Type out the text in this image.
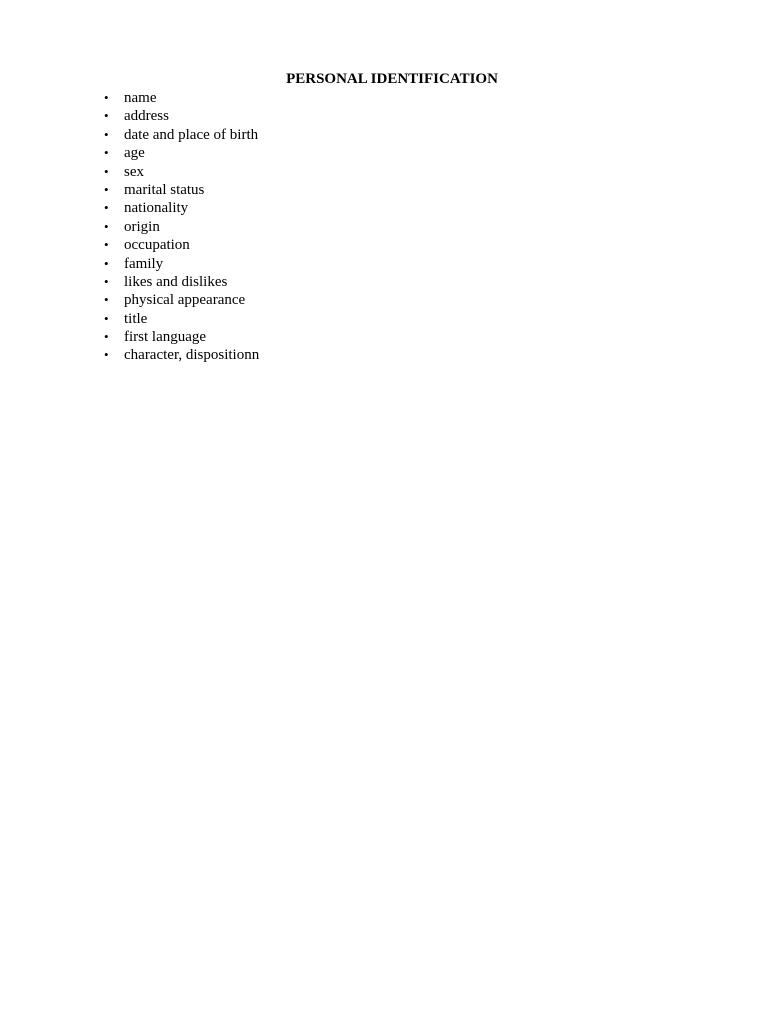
PERSONAL IDENTIFICATION
• name
• address
• date and place of birth
• age
• sex
• marital status
• nationality
• origin
• occupation
• family
• likes and dislikes
• physical appearance
• title
• first language
• character, dispositionn
